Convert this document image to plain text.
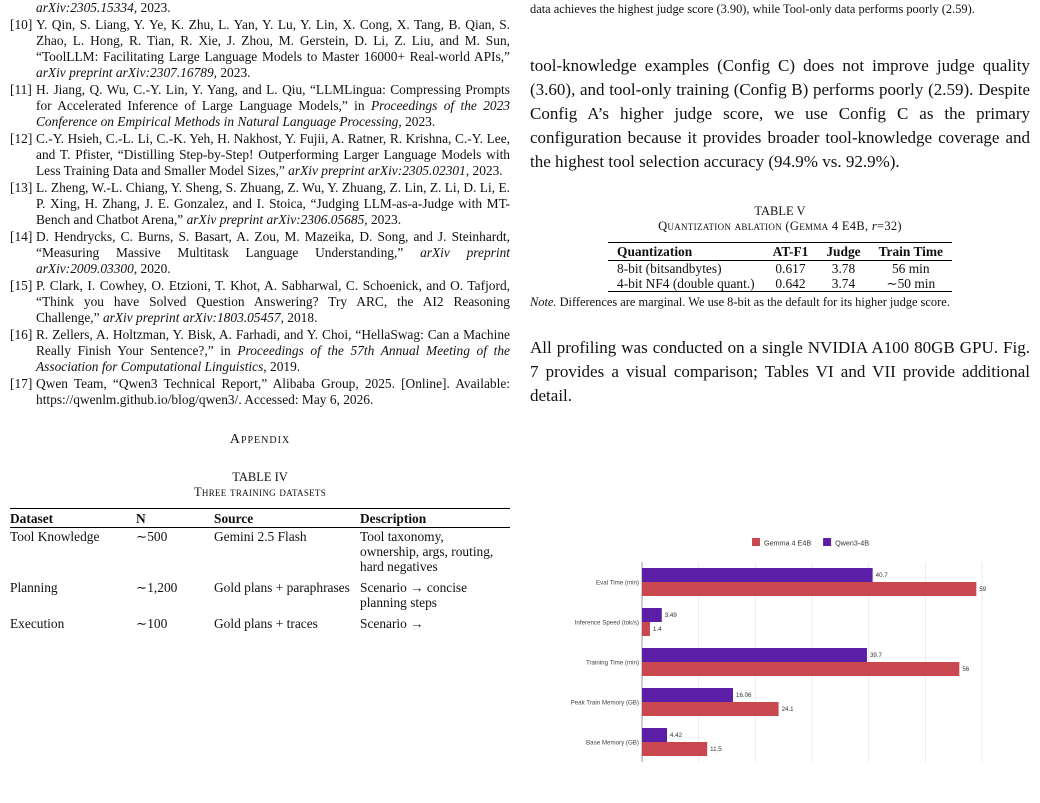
arXiv:2305.15334, 2023.
[10] Y. Qin, S. Liang, Y. Ye, K. Zhu, L. Yan, Y. Lu, Y. Lin, X. Cong, X. Tang, B. Qian, S. Zhao, L. Hong, R. Tian, R. Xie, J. Zhou, M. Gerstein, D. Li, Z. Liu, and M. Sun, “ToolLLM: Facilitating Large Language Models to Master 16000+ Real-world APIs,” arXiv preprint arXiv:2307.16789, 2023.
[11] H. Jiang, Q. Wu, C.-Y. Lin, Y. Yang, and L. Qiu, “LLMLingua: Compressing Prompts for Accelerated Inference of Large Language Models,” in Proceedings of the 2023 Conference on Empirical Methods in Natural Language Processing, 2023.
[12] C.-Y. Hsieh, C.-L. Li, C.-K. Yeh, H. Nakhost, Y. Fujii, A. Ratner, R. Krishna, C.-Y. Lee, and T. Pfister, “Distilling Step-by-Step! Outperforming Larger Language Models with Less Training Data and Smaller Model Sizes,” arXiv preprint arXiv:2305.02301, 2023.
[13] L. Zheng, W.-L. Chiang, Y. Sheng, S. Zhuang, Z. Wu, Y. Zhuang, Z. Lin, Z. Li, D. Li, E. P. Xing, H. Zhang, J. E. Gonzalez, and I. Stoica, “Judging LLM-as-a-Judge with MT-Bench and Chatbot Arena,” arXiv preprint arXiv:2306.05685, 2023.
[14] D. Hendrycks, C. Burns, S. Basart, A. Zou, M. Mazeika, D. Song, and J. Steinhardt, “Measuring Massive Multitask Language Understanding,” arXiv preprint arXiv:2009.03300, 2020.
[15] P. Clark, I. Cowhey, O. Etzioni, T. Khot, A. Sabharwal, C. Schoenick, and O. Tafjord, “Think you have Solved Question Answering? Try ARC, the AI2 Reasoning Challenge,” arXiv preprint arXiv:1803.05457, 2018.
[16] R. Zellers, A. Holtzman, Y. Bisk, A. Farhadi, and Y. Choi, “HellaSwag: Can a Machine Really Finish Your Sentence?,” in Proceedings of the 57th Annual Meeting of the Association for Computational Linguistics, 2019.
[17] Qwen Team, “Qwen3 Technical Report,” Alibaba Group, 2025. [Online]. Available: https://qwenlm.github.io/blog/qwen3/. Accessed: May 6, 2026.
Appendix
TABLE IV
Three training datasets
Dataset	N	Source	Description
Tool Knowledge	∼500	Gemini 2.5 Flash	Tool taxonomy, ownership, args, routing, hard negatives
Planning	∼1,200	Gold plans + paraphrases	Scenario → concise planning steps
Execution	∼100	Gold plans + traces	Scenario →
data achieves the highest judge score (3.90), while Tool-only data performs poorly (2.59).

tool-knowledge examples (Config C) does not improve judge quality (3.60), and tool-only training (Config B) performs poorly (2.59). Despite Config A’s higher judge score, we use Config C as the primary configuration because it provides broader tool-knowledge coverage and the highest tool selection accuracy (94.9% vs. 92.9%).

TABLE V
Quantization ablation (Gemma 4 E4B, r=32)
Quantization	AT-F1	Judge	Train Time
8-bit (bitsandbytes)	0.617	3.78	56 min
4-bit NF4 (double quant.)	0.642	3.74	∼50 min
Note. Differences are marginal. We use 8-bit as the default for its higher judge score.

All profiling was conducted on a single NVIDIA A100 80GB GPU. Fig. 7 provides a visual comparison; Tables VI and VII provide additional detail.

Gemma 4 E4B	Qwen3-4B
Eval Time (min)
40.7
59
Inference Speed (tok/s)
3.49
1.4
Training Time (min)
39.7
56
Peak Train Memory (GB)
16.06
24.1
Base Memory (GB)
4.42
11.5
